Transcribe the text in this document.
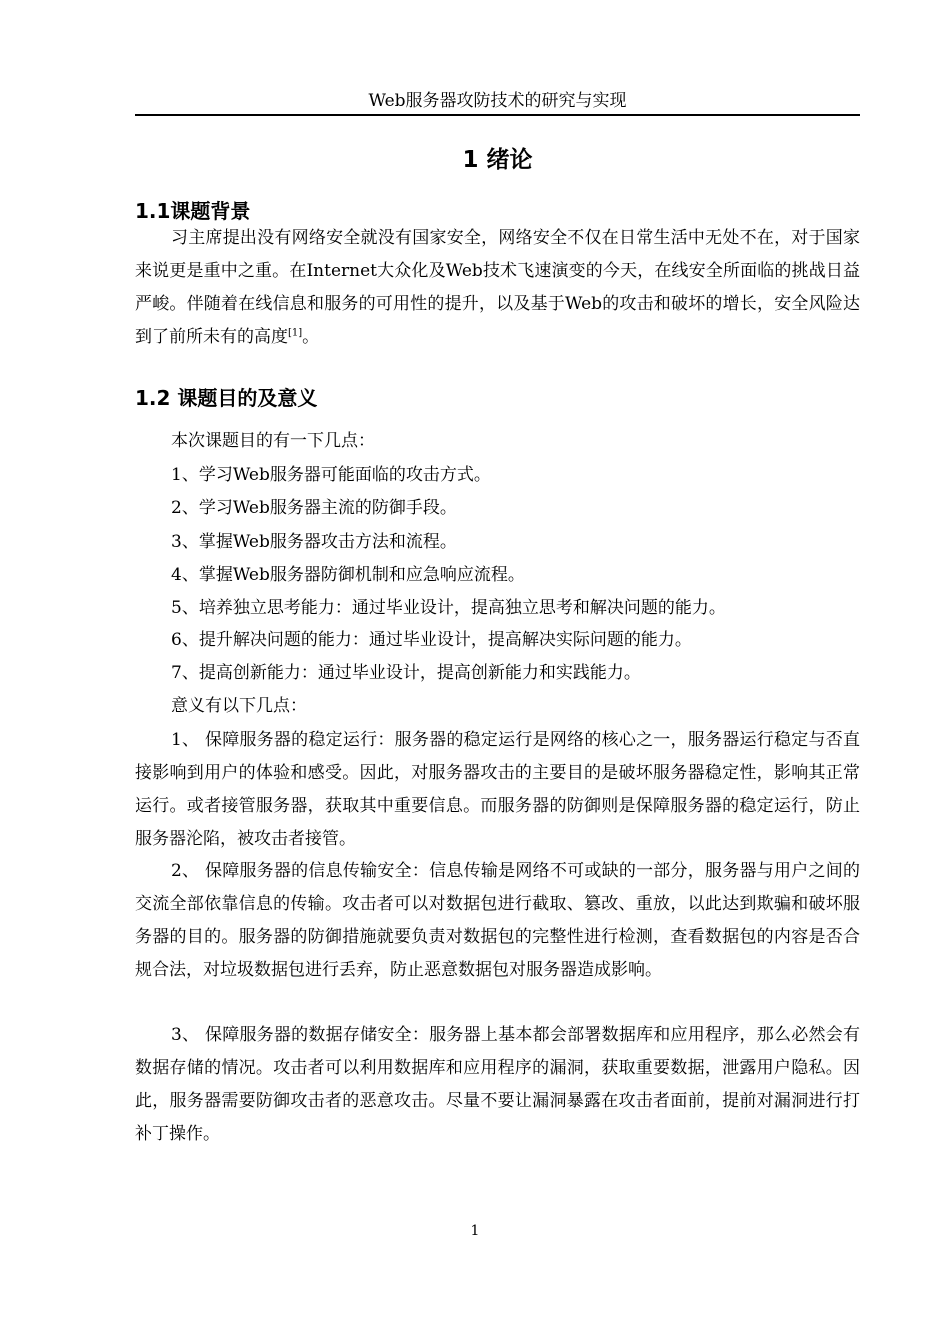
Web服务器攻防技术的研究与实现
1 绪论
1.1课题背景

习主席提出没有网络安全就没有国家安全，网络安全不仅在日常生活中无处不在，对于国家来说更是重中之重。在Internet大众化及Web技术飞速演变的今天，在线安全所面临的挑战日益严峻。伴随着在线信息和服务的可用性的提升，以及基于Web的攻击和破坏的增长，安全风险达到了前所未有的高度[1]。

1.2 课题目的及意义
本次课题目的有一下几点：
1、学习Web服务器可能面临的攻击方式。
2、学习Web服务器主流的防御手段。
3、掌握Web服务器攻击方法和流程。
4、掌握Web服务器防御机制和应急响应流程。
5、培养独立思考能力：通过毕业设计，提高独立思考和解决问题的能力。
6、提升解决问题的能力：通过毕业设计，提高解决实际问题的能力。
7、提高创新能力：通过毕业设计，提高创新能力和实践能力。
意义有以下几点：

1、 保障服务器的稳定运行：服务器的稳定运行是网络的核心之一，服务器运行稳定与否直接影响到用户的体验和感受。因此，对服务器攻击的主要目的是破坏服务器稳定性，影响其正常运行。或者接管服务器，获取其中重要信息。而服务器的防御则是保障服务器的稳定运行，防止服务器沦陷，被攻击者接管。

2、 保障服务器的信息传输安全：信息传输是网络不可或缺的一部分，服务器与用户之间的交流全部依靠信息的传输。攻击者可以对数据包进行截取、篡改、重放，以此达到欺骗和破坏服务器的目的。服务器的防御措施就要负责对数据包的完整性进行检测，查看数据包的内容是否合规合法，对垃圾数据包进行丢弃，防止恶意数据包对服务器造成影响。

3、 保障服务器的数据存储安全：服务器上基本都会部署数据库和应用程序，那么必然会有数据存储的情况。攻击者可以利用数据库和应用程序的漏洞，获取重要数据，泄露用户隐私。因此，服务器需要防御攻击者的恶意攻击。尽量不要让漏洞暴露在攻击者面前，提前对漏洞进行打补丁操作。

1
